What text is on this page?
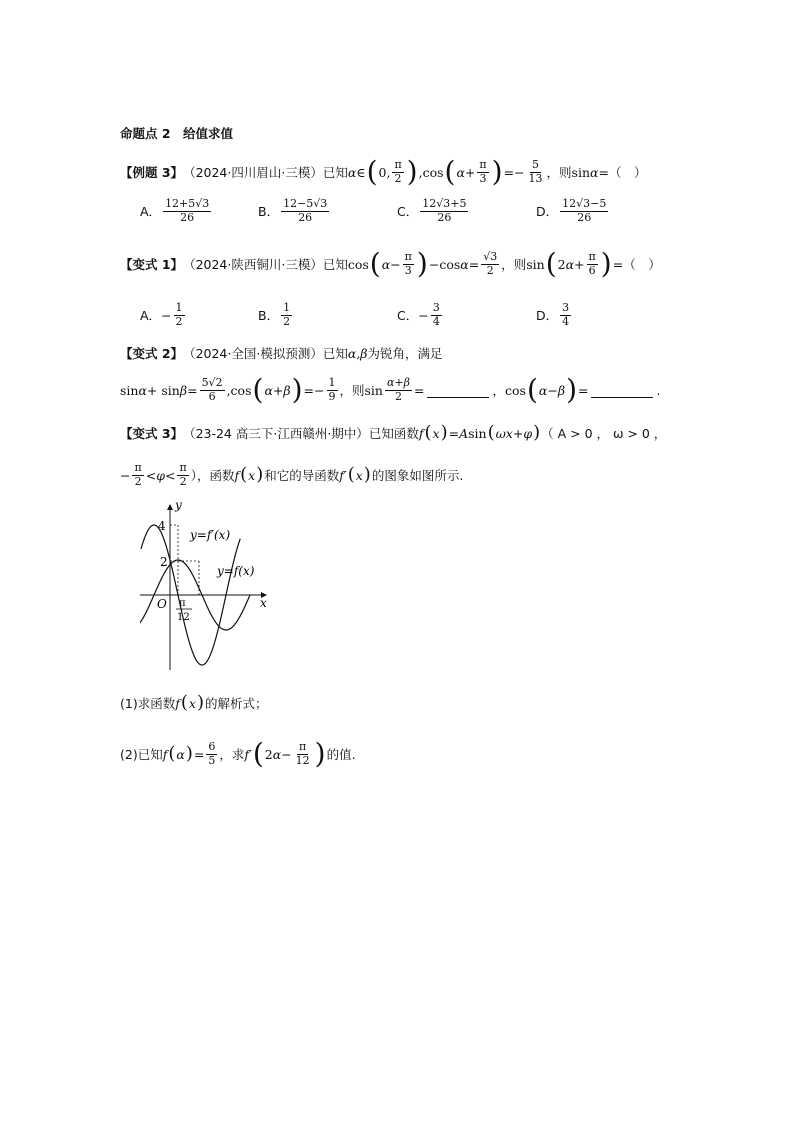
命题点 2　给值求值
【例题 3】 （2024·四川眉山·三模） 已知 α ∈ ( 0, $\frac{\pi}{2}$ ) ,cos ( $\alpha + \frac{\pi}{3}$ ) =− $\frac{5}{13}$ ，则 sin α = （　）
A． $\frac{12+5√3}{26}$	B． $\frac{12-5√3}{26}$	C． $\frac{12√3+5}{26}$	D． $\frac{12√3-5}{26}$
【变式 1】 （2024·陕西铜川·三模） 已知 cos ( $\alpha - \frac{\pi}{3}$ ) −cos $\alpha = \frac{√3}{2}$ ，则 sin ( 2 $\alpha + \frac{\pi}{6}$ ) = （　）
A． − $\frac{1}{2}$	B． $\frac{1}{2}$	C． − $\frac{3}{4}$	D． $\frac{3}{4}$
【变式 2】 （2024·全国·模拟预测） 已知 α,β 为锐角，满足
$\sin \alpha + \sin \beta = \frac{5√2}{6} ,\cos$ ( α + β ) =− $\frac{1}{9}$ ，则 $\sin \frac{\alpha+\beta}{2}$ =	， cos ( α − β ) =	.
【变式 3】 （23-24 高三下·江西赣州·期中） 已知函数 f ( x ) = A sin ( ωx + φ ) （ A > 0 ， ω > 0 ，
− $\frac{\pi}{2} < \varphi < \frac{\pi}{2}$ ），函数 f ( x ) 和它的导函数 f′ ( x ) 的图象如图所示.
y
x
O
4
2
π
12
y=f′(x)
y=f(x)
(1)求函数 f ( x ) 的解析式；
(2)已知 f ( α ) = $\frac{6}{5}$ ，求 f′ ( 2 $\alpha - \frac{\pi}{12}$ ) 的值.
